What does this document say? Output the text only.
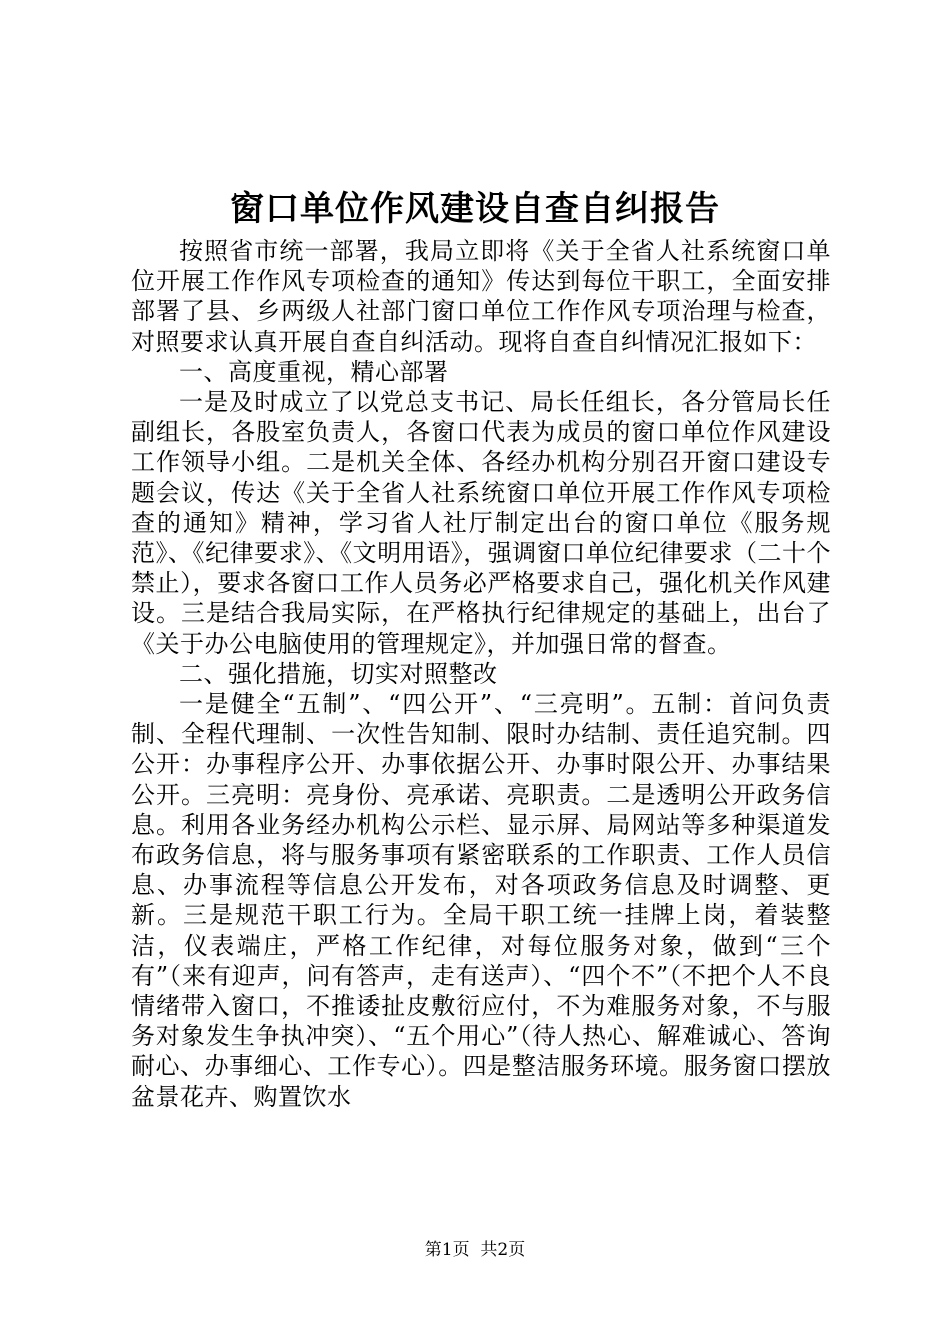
窗口单位作风建设自查自纠报告

按照省市统一部署，我局立即将《关于全省人社系统窗口单位开展工作作风专项检查的通知》传达到每位干职工，全面安排部署了县、乡两级人社部门窗口单位工作作风专项治理与检查，对照要求认真开展自查自纠活动。现将自查自纠情况汇报如下：

一、高度重视，精心部署

一是及时成立了以党总支书记、局长任组长，各分管局长任副组长，各股室负责人，各窗口代表为成员的窗口单位作风建设工作领导小组。二是机关全体、各经办机构分别召开窗口建设专题会议，传达《关于全省人社系统窗口单位开展工作作风专项检查的通知》精神，学习省人社厅制定出台的窗口单位《服务规范》、《纪律要求》、《文明用语》，强调窗口单位纪律要求（二十个禁止），要求各窗口工作人员务必严格要求自己，强化机关作风建设。三是结合我局实际，在严格执行纪律规定的基础上，出台了《关于办公电脑使用的管理规定》，并加强日常的督查。

二、强化措施，切实对照整改

一是健全“五制”、“四公开”、“三亮明”。五制：首问负责制、全程代理制、一次性告知制、限时办结制、责任追究制。四公开：办事程序公开、办事依据公开、办事时限公开、办事结果公开。三亮明：亮身份、亮承诺、亮职责。二是透明公开政务信息。利用各业务经办机构公示栏、显示屏、局网站等多种渠道发布政务信息，将与服务事项有紧密联系的工作职责、工作人员信息、办事流程等信息公开发布，对各项政务信息及时调整、更新。三是规范干职工行为。全局干职工统一挂牌上岗，着装整洁，仪表端庄，严格工作纪律，对每位服务对象，做到“三个有”（来有迎声，问有答声，走有送声）、“四个不”（不把个人不良情绪带入窗口，不推诿扯皮敷衍应付，不为难服务对象，不与服务对象发生争执冲突）、“五个用心”（待人热心、解难诚心、答询耐心、办事细心、工作专心）。四是整洁服务环境。服务窗口摆放盆景花卉、购置饮水

第1页 共2页
